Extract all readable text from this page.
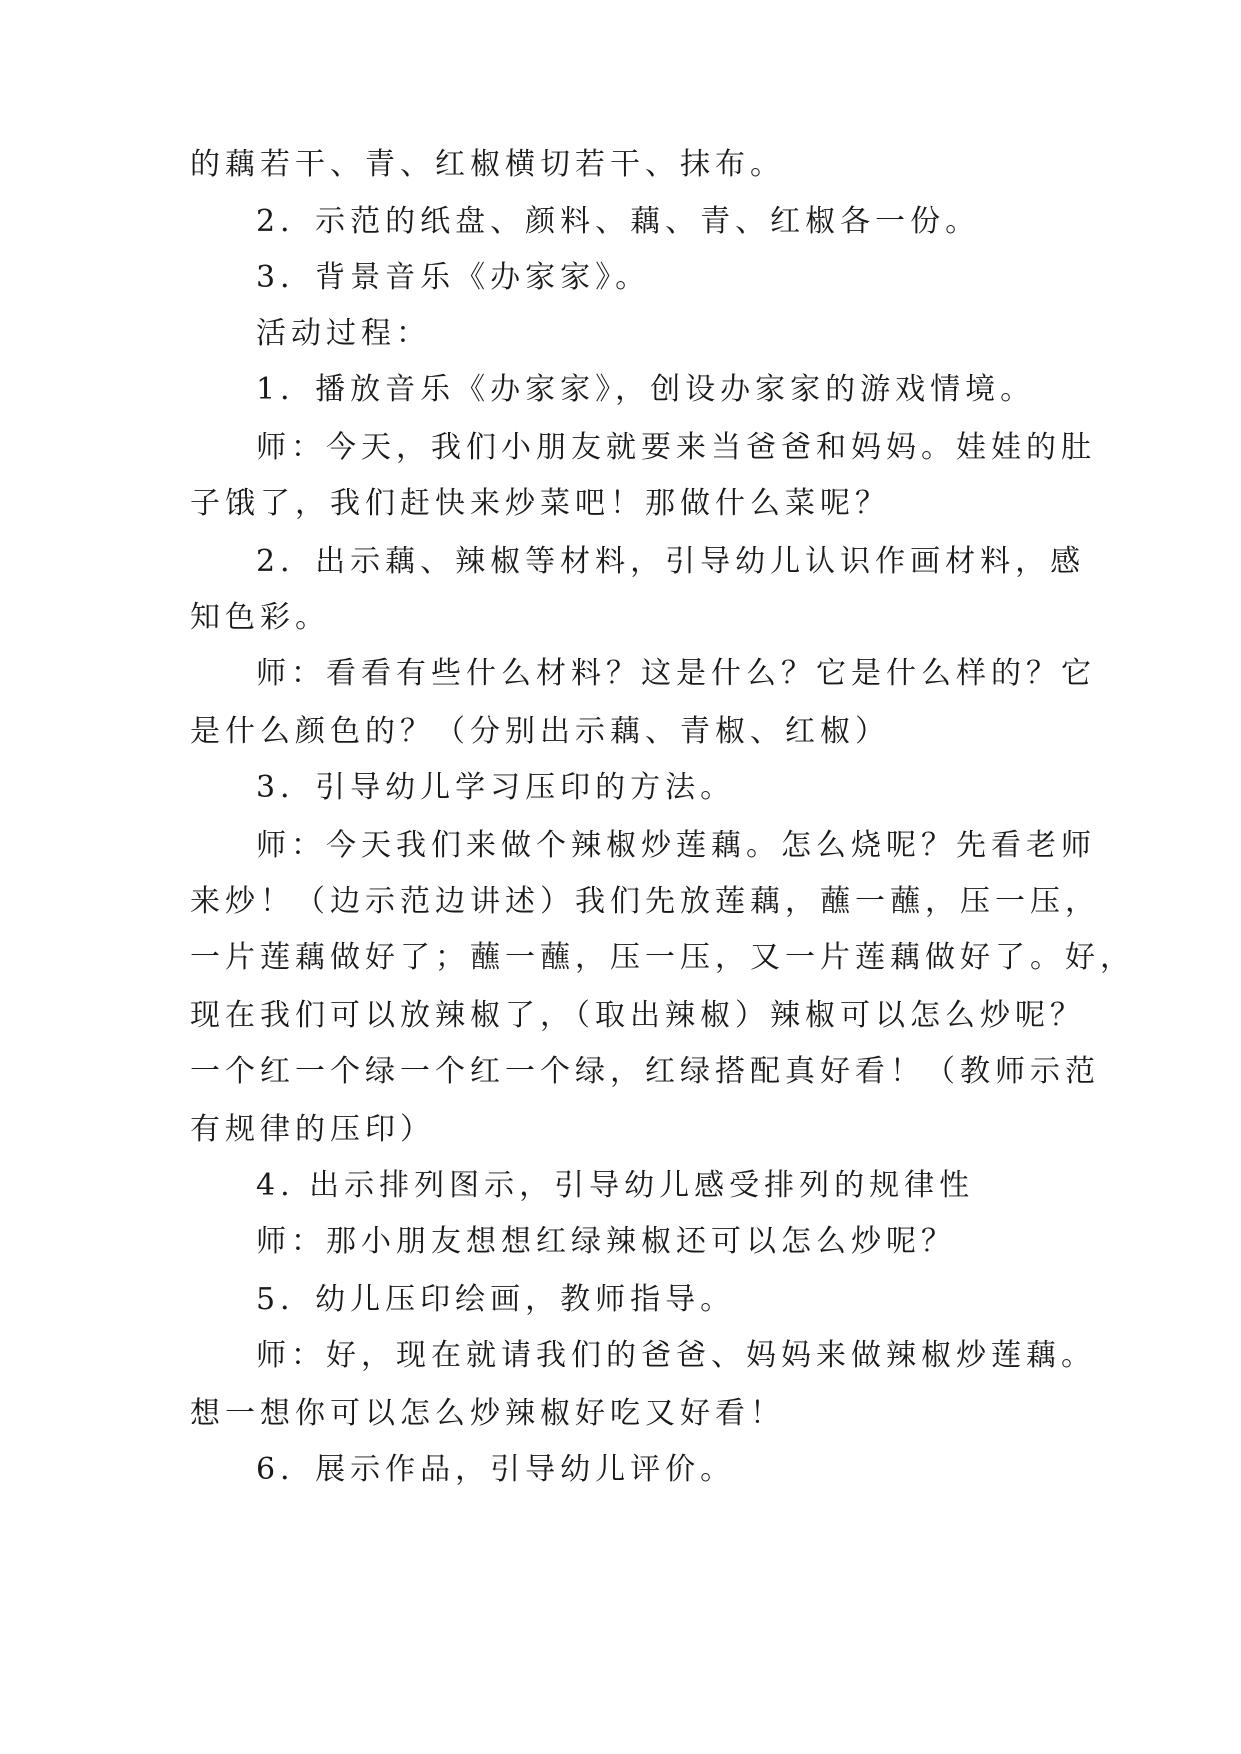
的藕若干、青、红椒横切若干、抹布。
2．示范的纸盘、颜料、藕、青、红椒各一份。
3．背景音乐《办家家》。
活动过程：
1．播放音乐《办家家》，创设办家家的游戏情境。
师：今天，我们小朋友就要来当爸爸和妈妈。娃娃的肚
子饿了，我们赶快来炒菜吧！那做什么菜呢？
2．出示藕、辣椒等材料，引导幼儿认识作画材料，感
知色彩。
师：看看有些什么材料？这是什么？它是什么样的？它
是什么颜色的？（分别出示藕、青椒、红椒）
3．引导幼儿学习压印的方法。
师：今天我们来做个辣椒炒莲藕。怎么烧呢？先看老师
来炒！（边示范边讲述）我们先放莲藕，蘸一蘸，压一压，
一片莲藕做好了；蘸一蘸，压一压，又一片莲藕做好了。好，
现在我们可以放辣椒了，（取出辣椒）辣椒可以怎么炒呢？
一个红一个绿一个红一个绿，红绿搭配真好看！（教师示范
有规律的压印）
4. 出示排列图示，引导幼儿感受排列的规律性
师：那小朋友想想红绿辣椒还可以怎么炒呢？
5．幼儿压印绘画，教师指导。
师：好，现在就请我们的爸爸、妈妈来做辣椒炒莲藕。
想一想你可以怎么炒辣椒好吃又好看！
6．展示作品，引导幼儿评价。
